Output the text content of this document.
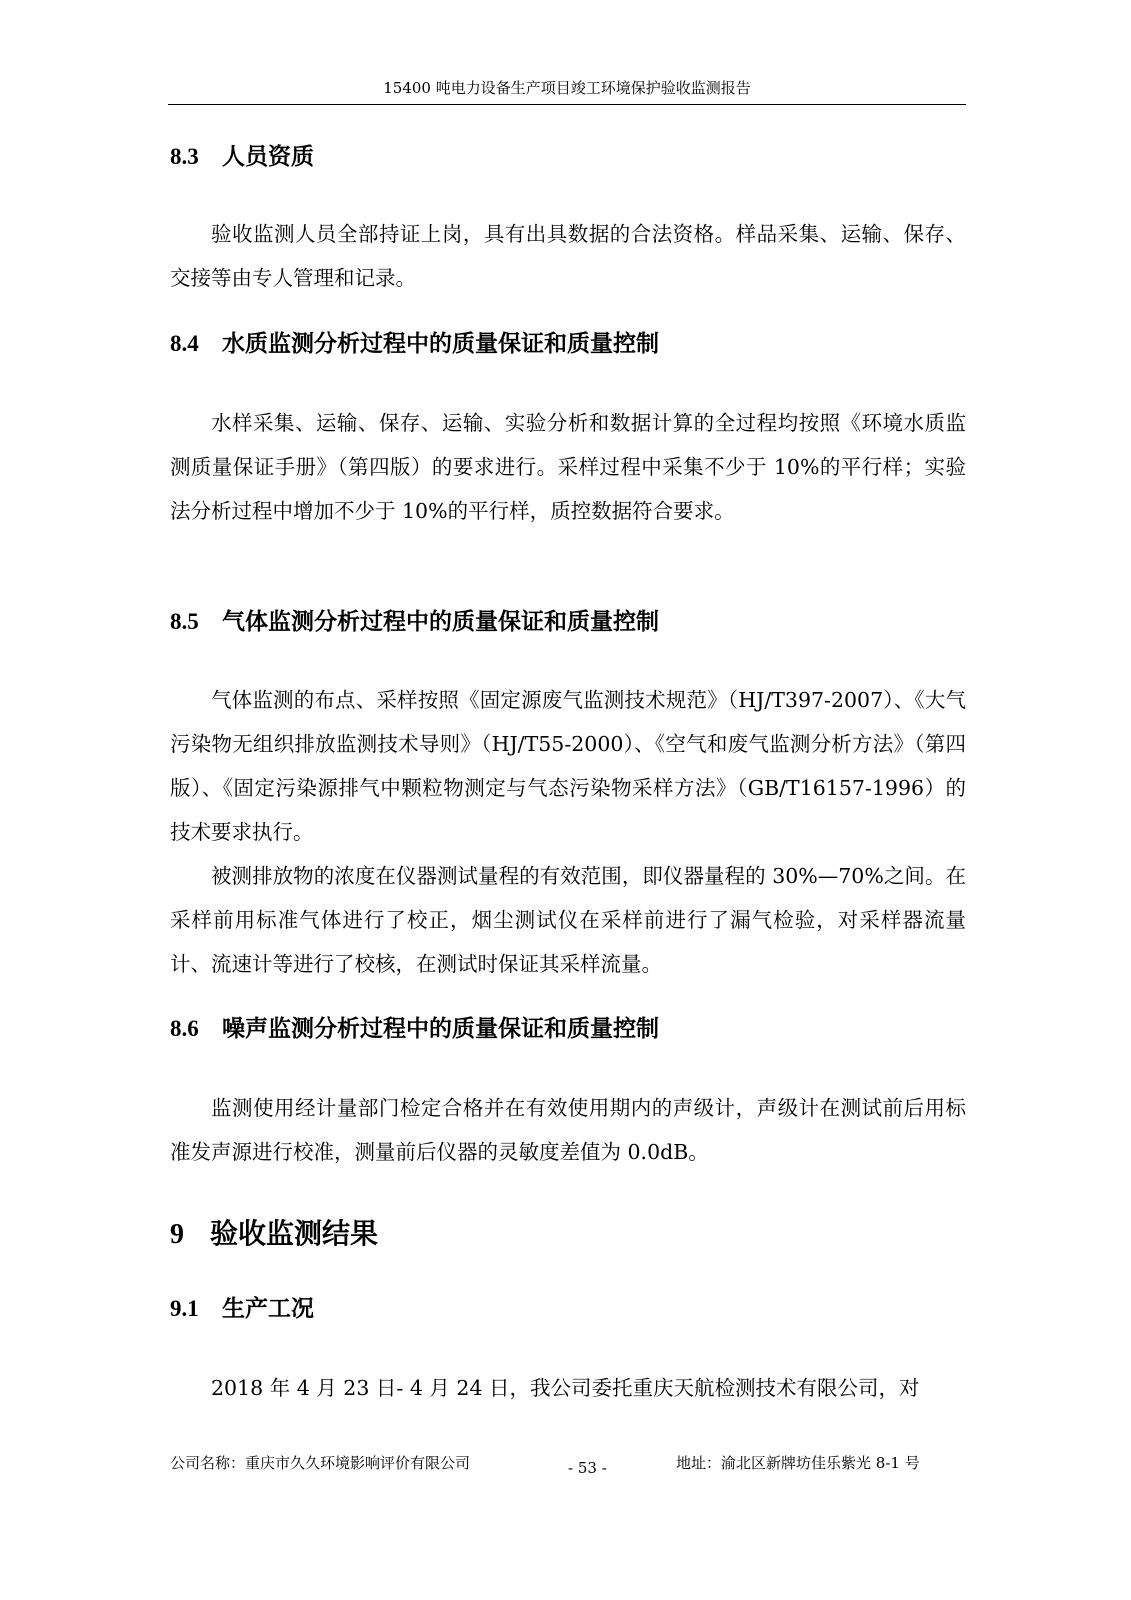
15400 吨电力设备生产项目竣工环境保护验收监测报告
8.3 人员资质

验收监测人员全部持证上岗，具有出具数据的合法资格。样品采集、运输、保存、交接等由专人管理和记录。

8.4 水质监测分析过程中的质量保证和质量控制

水样采集、运输、保存、运输、实验分析和数据计算的全过程均按照《环境水质监测质量保证手册》（第四版）的要求进行。采样过程中采集不少于 10%的平行样；实验法分析过程中增加不少于 10%的平行样，质控数据符合要求。

8.5 气体监测分析过程中的质量保证和质量控制

气体监测的布点、采样按照《固定源废气监测技术规范》（HJ/T397-2007）、《大气污染物无组织排放监测技术导则》（HJ/T55-2000）、《空气和废气监测分析方法》（第四版）、《固定污染源排气中颗粒物测定与气态污染物采样方法》（GB/T16157-1996）的技术要求执行。

被测排放物的浓度在仪器测试量程的有效范围，即仪器量程的 30%—70%之间。在采样前用标准气体进行了校正，烟尘测试仪在采样前进行了漏气检验，对采样器流量计、流速计等进行了校核，在测试时保证其采样流量。

8.6 噪声监测分析过程中的质量保证和质量控制

监测使用经计量部门检定合格并在有效使用期内的声级计，声级计在测试前后用标准发声源进行校准，测量前后仪器的灵敏度差值为 0.0dB。

9 验收监测结果
9.1 生产工况

2018 年 4 月 23 日- 4 月 24 日，我公司委托重庆天航检测技术有限公司，对

公司名称：重庆市久久环境影响评价有限公司	- 53 -	地址：渝北区新牌坊佳乐紫光 8-1 号
